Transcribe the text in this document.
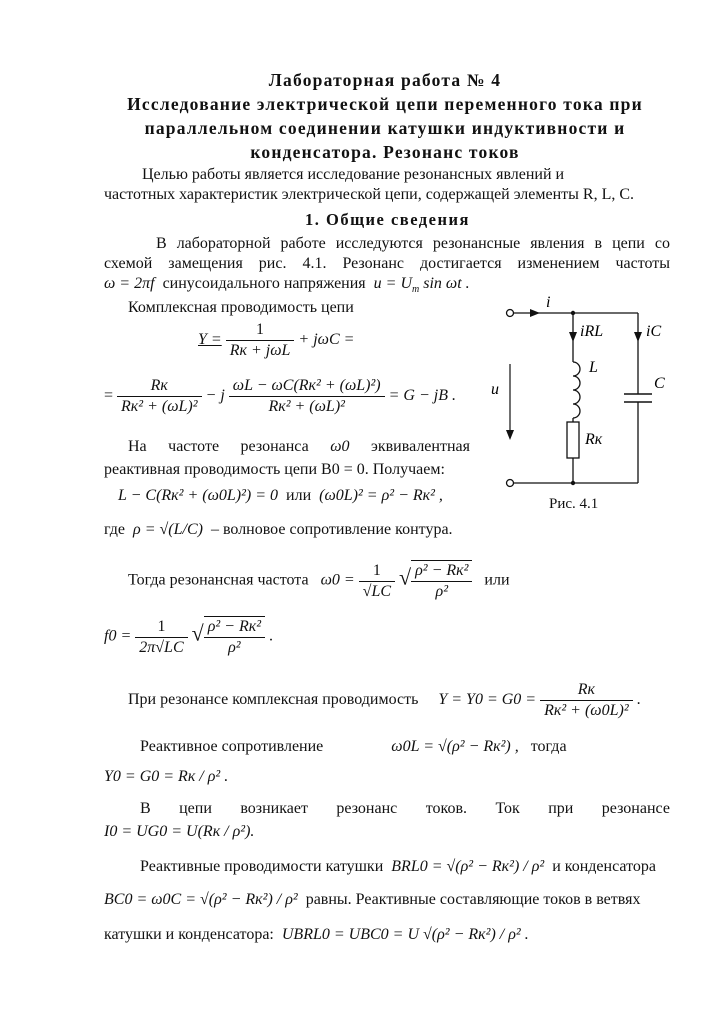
Лабораторная работа № 4
Исследование электрической цепи переменного тока при
параллельном соединении катушки индуктивности и
конденсатора. Резонанс токов
Целью работы является исследование резонансных явлений и
частотных характеристик электрической цепи, содержащей элементы R, L, C.
1. Общие сведения
В лабораторной работе исследуются резонансные явления в цепи со
схемой замещения рис. 4.1. Резонанс достигается изменением частоты
ω = 2πf синусоидального напряжения $u = U_m$ sin ωt .
Комплексная проводимость цепи
$Y = \frac{1}{\text{Rк + jωL}} + j\omega C$ =
= $\frac{Rк}{\text{Rк² + (ωL)²}} - j \frac{\text{ωL − ωC(Rк² + (ωL)²)}}{\text{Rк² + (ωL)²}} = G$ − jB .
На частоте резонанса ω0 эквивалентная
реактивная проводимость цепи B0 = 0. Получаем:
L − C(Rк² + (ω0L)²) = 0 или (ω0L)² = ρ² − Rк² ,
где ρ = √(L/C) – волновое сопротивление контура.
Тогда резонансная частота $\omega 0 = \frac{1}{√LC}$ √ $\frac{\text{ρ² − Rк²}}{\text{ρ²}}$ или
$f0 = \frac{1}{2\pi√LC}$ √ $\frac{\text{ρ² − Rк²}}{\text{ρ²}}$ .
При резонансе комплексная проводимость $Y = Y0 = G0 = \frac{Rк}{\text{Rк² + (ω0L)²}}$ .
Реактивное сопротивление	ω0L = √(ρ² − Rк²) , тогда
Y0 = G0 = Rк / ρ² .
В цепи возникает резонанс токов. Ток при резонансе
I0 = UG0 = U(Rк / ρ²).
Реактивные проводимости катушки BRL0 = √(ρ² − Rк²) / ρ² и конденсатора
BC0 = ω0C = √(ρ² − Rк²) / ρ² равны. Реактивные составляющие токов в ветвях
катушки и конденсатора: UBRL0 = UBC0 = U √(ρ² − Rк²) / ρ² .
i
iRL	iC
L
C
u
Rк
Рис. 4.1
